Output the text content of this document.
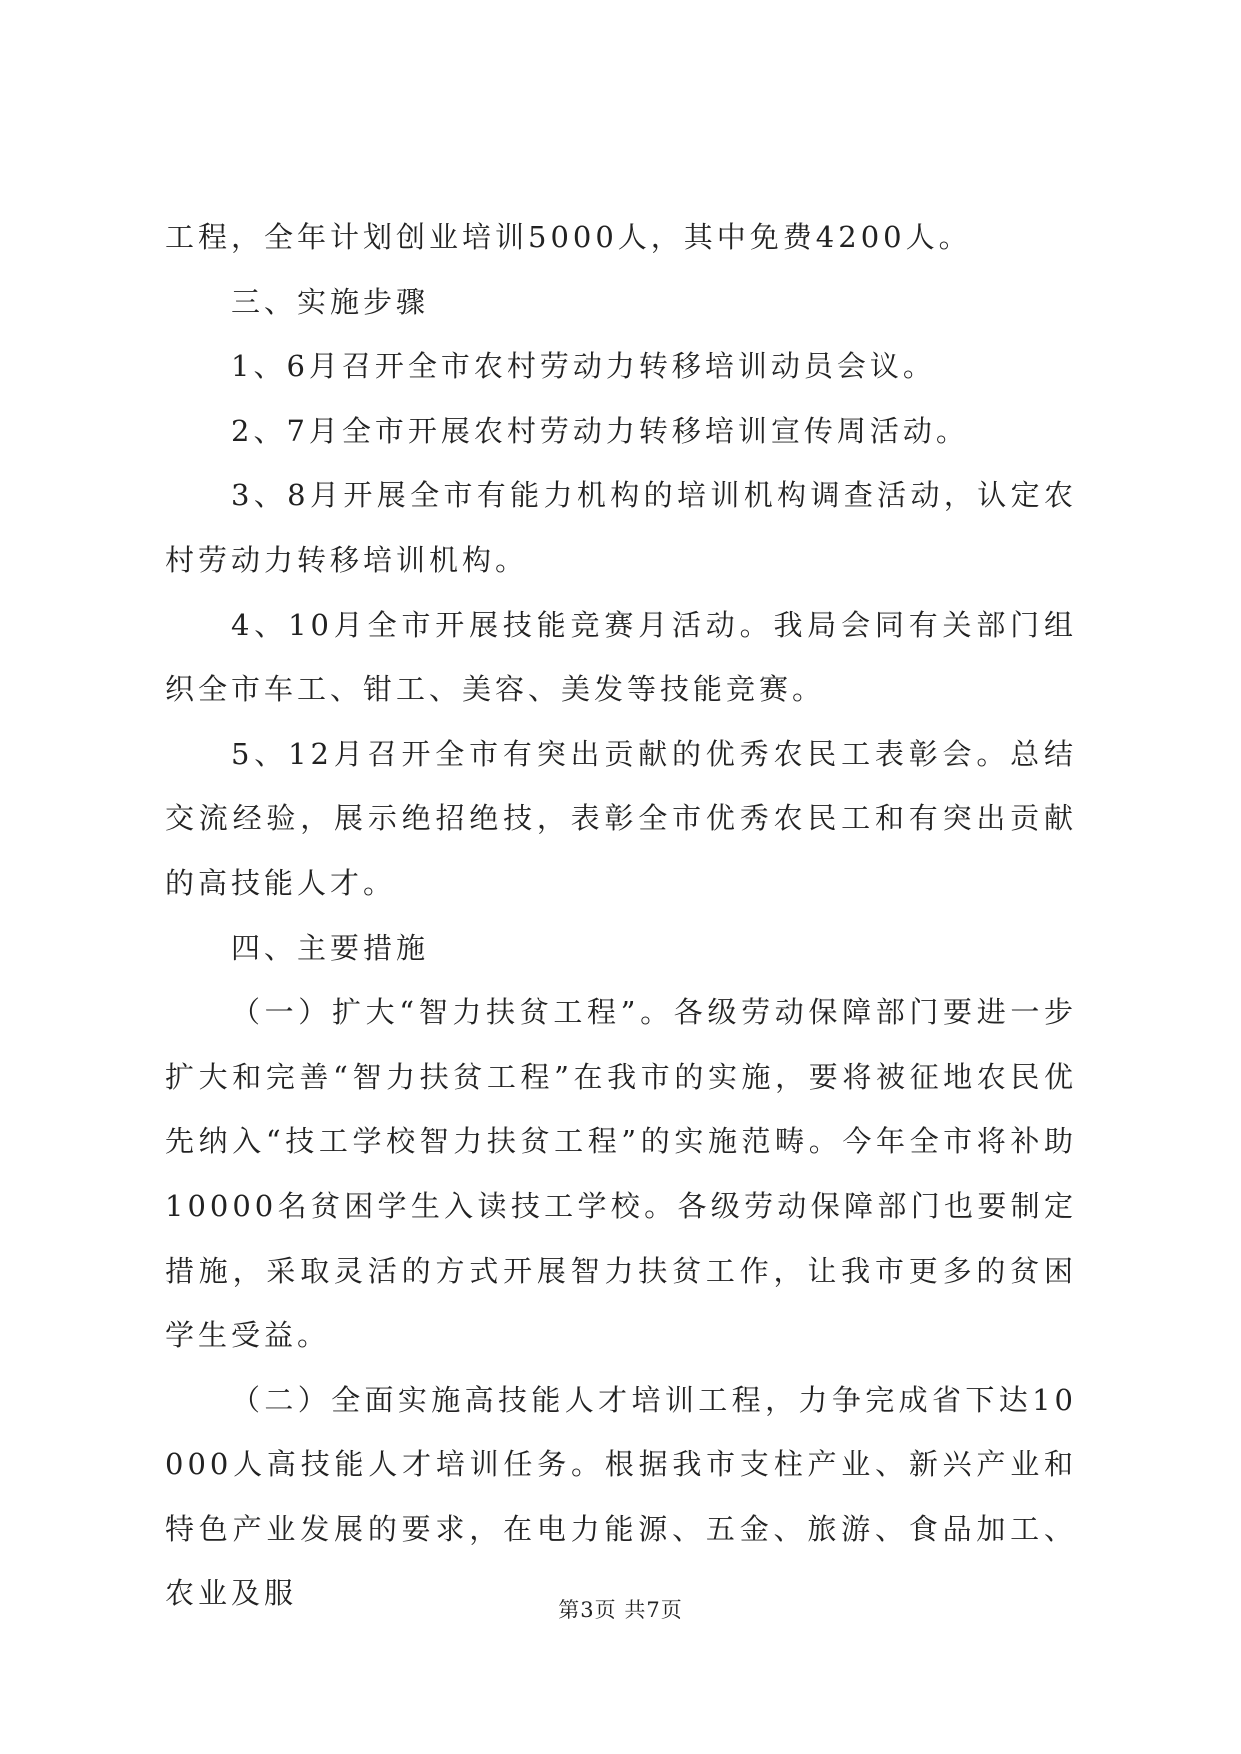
工程，全年计划创业培训5000人，其中免费4200人。

三、实施步骤

1、6月召开全市农村劳动力转移培训动员会议。

2、7月全市开展农村劳动力转移培训宣传周活动。

3、8月开展全市有能力机构的培训机构调查活动，认定农村劳动力转移培训机构。

4、10月全市开展技能竞赛月活动。我局会同有关部门组织全市车工、钳工、美容、美发等技能竞赛。

5、12月召开全市有突出贡献的优秀农民工表彰会。总结交流经验，展示绝招绝技，表彰全市优秀农民工和有突出贡献的高技能人才。

四、主要措施

（一）扩大“智力扶贫工程”。各级劳动保障部门要进一步扩大和完善“智力扶贫工程”在我市的实施，要将被征地农民优先纳入“技工学校智力扶贫工程”的实施范畴。今年全市将补助10000名贫困学生入读技工学校。各级劳动保障部门也要制定措施，采取灵活的方式开展智力扶贫工作，让我市更多的贫困学生受益。

（二）全面实施高技能人才培训工程，力争完成省下达10000人高技能人才培训任务。根据我市支柱产业、新兴产业和特色产业发展的要求，在电力能源、五金、旅游、食品加工、农业及服	第3页 共7页
